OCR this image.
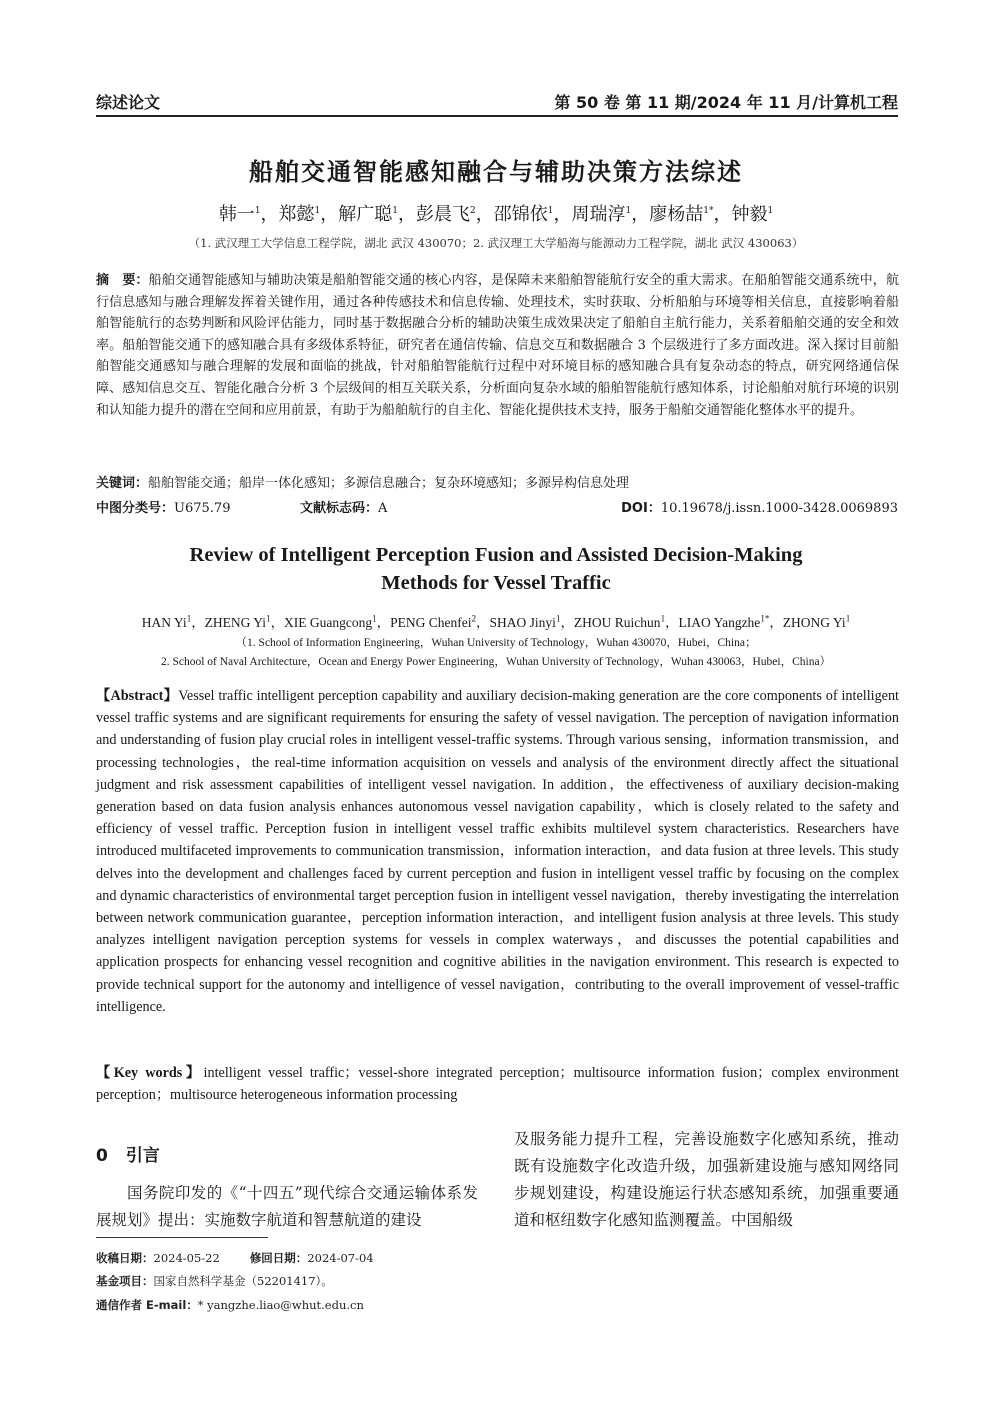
综述论文	第 50 卷 第 11 期/2024 年 11 月/计算机工程
船舶交通智能感知融合与辅助决策方法综述
韩一$^1$，郑懿$^1$，解广聪$^1$，彭晨飞$^2$，邵锦依$^1$，周瑞淳$^1$，廖杨喆$^{1*}$，钟毅$^1$
（1. 武汉理工大学信息工程学院，湖北 武汉 430070；2. 武汉理工大学船海与能源动力工程学院，湖北 武汉 430063）
摘　要：船舶交通智能感知与辅助决策是船舶智能交通的核心内容，是保障未来船舶智能航行安全的重大需求。在船舶智能交通系统中，航行信息感知与融合理解发挥着关键作用，通过各种传感技术和信息传输、处理技术，实时获取、分析船舶与环境等相关信息，直接影响着船舶智能航行的态势判断和风险评估能力，同时基于数据融合分析的辅助决策生成效果决定了船舶自主航行能力，关系着船舶交通的安全和效率。船舶智能交通下的感知融合具有多级体系特征，研究者在通信传输、信息交互和数据融合 3 个层级进行了多方面改进。深入探讨目前船舶智能交通感知与融合理解的发展和面临的挑战，针对船舶智能航行过程中对环境目标的感知融合具有复杂动态的特点，研究网络通信保障、感知信息交互、智能化融合分析 3 个层级间的相互关联关系，分析面向复杂水域的船舶智能航行感知体系，讨论船舶对航行环境的识别和认知能力提升的潜在空间和应用前景，有助于为船舶航行的自主化、智能化提供技术支持，服务于船舶交通智能化整体水平的提升。
关键词：船舶智能交通；船岸一体化感知；多源信息融合；复杂环境感知；多源异构信息处理
中图分类号：U675.79	文献标志码：A	DOI：10.19678/j.issn.1000-3428.0069893
Review of Intelligent Perception Fusion and Assisted Decision-Making
Methods for Vessel Traffic
HAN Yi$^1$，ZHENG Yi$^1$，XIE Guangcong$^1$，PENG Chenfei$^2$，SHAO Jinyi$^1$，ZHOU Ruichun$^1$，LIAO Yangzhe$^{1*}$，ZHONG Yi$^1$
（1. School of Information Engineering，Wuhan University of Technology，Wuhan 430070，Hubei，China；
2. School of Naval Architecture，Ocean and Energy Power Engineering，Wuhan University of Technology，Wuhan 430063，Hubei，China）
【Abstract】Vessel traffic intelligent perception capability and auxiliary decision-making generation are the core components of intelligent vessel traffic systems and are significant requirements for ensuring the safety of vessel navigation. The perception of navigation information and understanding of fusion play crucial roles in intelligent vessel-traffic systems. Through various sensing，information transmission，and processing technologies，the real-time information acquisition on vessels and analysis of the environment directly affect the situational judgment and risk assessment capabilities of intelligent vessel navigation. In addition，the effectiveness of auxiliary decision-making generation based on data fusion analysis enhances autonomous vessel navigation capability，which is closely related to the safety and efficiency of vessel traffic. Perception fusion in intelligent vessel traffic exhibits multilevel system characteristics. Researchers have introduced multifaceted improvements to communication transmission，information interaction，and data fusion at three levels. This study delves into the development and challenges faced by current perception and fusion in intelligent vessel traffic by focusing on the complex and dynamic characteristics of environmental target perception fusion in intelligent vessel navigation，thereby investigating the interrelation between network communication guarantee，perception information interaction，and intelligent fusion analysis at three levels. This study analyzes intelligent navigation perception systems for vessels in complex waterways，and discusses the potential capabilities and application prospects for enhancing vessel recognition and cognitive abilities in the navigation environment. This research is expected to provide technical support for the autonomy and intelligence of vessel navigation，contributing to the overall improvement of vessel-traffic intelligence.
【Key words】intelligent vessel traffic；vessel-shore integrated perception；multisource information fusion；complex environment perception；multisource heterogeneous information processing
0 引言
国务院印发的《“十四五”现代综合交通运输体系发展规划》提出：实施数字航道和智慧航道的建设
及服务能力提升工程，完善设施数字化感知系统，推动既有设施数字化改造升级，加强新建设施与感知网络同步规划建设，构建设施运行状态感知系统，加强重要通道和枢纽数字化感知监测覆盖。中国船级
收稿日期：2024-05-22	修回日期：2024-07-04
基金项目：国家自然科学基金（52201417）。
通信作者 E-mail：* yangzhe.liao@whut.edu.cn
